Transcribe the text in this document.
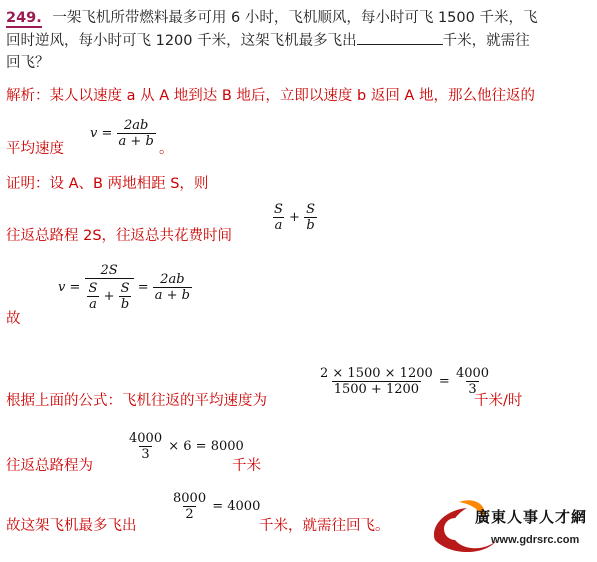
249. 一架飞机所带燃料最多可用 6 小时，飞机顺风，每小时可飞 1500 千米，飞
回时逆风，每小时可飞 1200 千米，这架飞机最多飞出	千米，就需往
回飞？
解析：某人以速度 a 从 A 地到达 B 地后，立即以速度 b 返回 A 地，那么他往返的
平均速度
$v = \frac{2ab}{a + b}$ 。
证明：设 A、B 两地相距 S，则
往返总路程 2S，往返总共花费时间
$\frac{S}{a} + \frac{S}{b}$
$v = \frac{2S}{\frac{S}{a} + \frac{S}{b}} = \frac{2ab}{a + b}$
故
根据上面的公式：飞机往返的平均速度为
$\frac{2 \times 1500 \times 1200}{1500 + 1200} = \frac{4000}{3}$
千米/时
往返总路程为
$\frac{4000}{3} \times 6 = 8000$
千米
故这架飞机最多飞出
$\frac{8000}{2} = 4000$
千米，就需往回飞。	廣東人事人才網
www.gdrsrc.com
